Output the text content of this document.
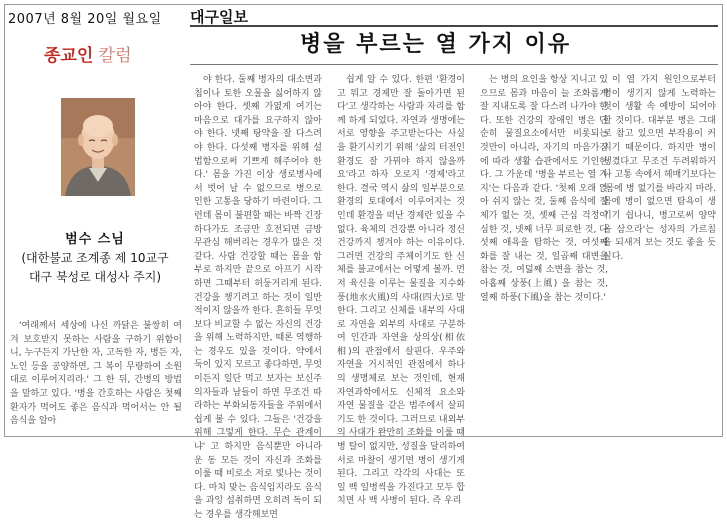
2007년 8월 20일 월요일 대구일보
병을 부르는 열 가지 이유
종교인 칼럼
범수 스님
(대한불교 조계종 제 10교구
대구 북성로 대성사 주지)

'여래께서 세상에 나신 까닭은 불쌍히 여겨 보호받지 못하는 사람을 구하기 위함이니, 누구든지 가난한 자, 고독한 자, 병든 자, 노인 등을 공양하면, 그 복이 무량하여 소원대로 이루어지리라.' 그 한 뒤, 간병의 방법을 말하고 있다. '병을 간호하는 사람은 첫째 환자가 먹어도 좋은 음식과 먹어서는 안 될 음식을 알아

야 한다. 둘째 병자의 대소변과 침이나 토한 오물을 싫어하지 않아야 한다. 셋째 가엾게 여기는 마음으로 대가를 요구하지 않아야 한다. 넷째 탕약을 잘 다스려야 한다. 다섯째 병자를 위해 설법함으로써 기쁘게 해주어야 한다.' 몸을 가진 이상 생로병사에서 벗어 날 수 없으므로 병으로 인한 고통을 당하기 마련이다. 그런데 몸이 불편할 때는 바짝 긴장하다가도 조금만 호전되면 금방 무관심 해버리는 경우가 많은 것 같다. 사람 건강할 때는 몸을 함부로 하지만 끝으로 아프기 시작하면 그때부터 허둥거리게 된다. 건강을 챙기려고 하는 것이 일반적이지 않을까 한다. 흔히들 무엇보다 비교할 수 없는 자신의 건강을 위해 노력하지만, 때론 역행하는 경우도 있을 것이다. 약에서 둑이 있지 모르고 좋다하면, 무엇이든지 일단 먹고 보자는 보신주의자들과 남들이 하면 무조건 따라하는 부화뇌동자들을 주위에서 쉽게 볼 수 있다. 그들은 '건강을 위해 그렇게 한다. 무슨 관계이냐' 고 하지만 음식뿐만 아니라 운 동 모든 것이 자신과 조화를 이룰 때 비로소 저로 빛나는 것이다. 마치 맞는 음식임지라도 음식을 과잉 섭취하면 오히려 독이 되는 경우를 생각해보면

쉽게 알 수 있다. 한편 '환경이고 뭐고 경제만 잘 돌아가면 된다'고 생각하는 사람과 자리를 함께 하게 되었다. 자연과 생명에는 서로 영향을 주고받는다는 사실을 환기시키기 위해 '삶의 터전인 환경도 잘 가꿔야 하지 않을까요'라고 하자 오로지 '경제'라고 한다. 결국 역시 삶의 일부분으로 환경의 토대에서 이루어지는 것인데 환경을 떠난 경제란 있을 수 없다. 육체의 건강뿐 아니라 정신건강까지 챙겨야 하는 이유이다. 그러면 건강의 주체이기도 한 신체를 불교에서는 어떻게 볼까. 먼저 육신을 이루는 물질을 지수화풍(地水火風)의 사대(四大)로 말한다. 그리고 신체를 내부의 사대로 자연을 외부의 사대로 구분하여 인간과 자연을 상의상(相依相)의 관점에서 살핀다. 우주와 자연을 거시적인 관점에서 하나의 생명체로 보는 것인데, 현재 자연과학에서도 신체적 요소와 자연 물질을 같은 범주에서 살피기도 한 것이다. 그러므로 내외부의 사대가 완만히 조화를 이룰 때 병 탈이 없지만, 성질을 달리하여 서로 마찰이 생기면 병이 생기게 된다. 그리고 각각의 사대는 또 일 백 일병씩을 가진다고 모두 합치면 사 백 사병이 된다. 즉 우리

는 병의 요인을 항상 지니고 있으므로 몸과 마음이 늘 조화롭게 잘 지내도록 잘 다스려 나가야 한다. 또한 건강의 장애인 병은 단순히 물질요소에서만 비롯되는 것만이 아니라, 자기의 마음가짐에 따라 생활 습관에서도 기인한다. 그 가운데 '병을 부르는 열 가지'는 다음과 같다. '첫째 오래 앉아 쉬지 않는 것, 둘째 음식에 절제가 없는 것, 셋째 근심 걱정이 심한 것, 넷째 너무 피로한 것, 다섯째 애욕을 탐하는 것, 여섯째 화를 잘 내는 것, 일곱째 대변을 참는 것, 여덟째 소변을 참는 것, 아홉째 상풍(上風) 을 참는 것, 열째 하풍(下風)을 참는 것이다.'

이 열 가지 원인으로부터 병이 생기지 않게 노력하는 것이 생활 속 예방이 되어야 할 것이다. 대부분 병은 그대로 참고 있으면 부작용이 커지기 때문이다. 하지만 병이 생겼다고 무조건 두려워하거나 고통 속에서 헤매기보다는 '몸에 병 없기를 바라지 마라. 몸에 병이 없으면 탐욕이 생기기 쉽나니, 병고로써 양약을 삼으라'는 성자의 가르침을 되새겨 보는 것도 좋을 듯싶다.
